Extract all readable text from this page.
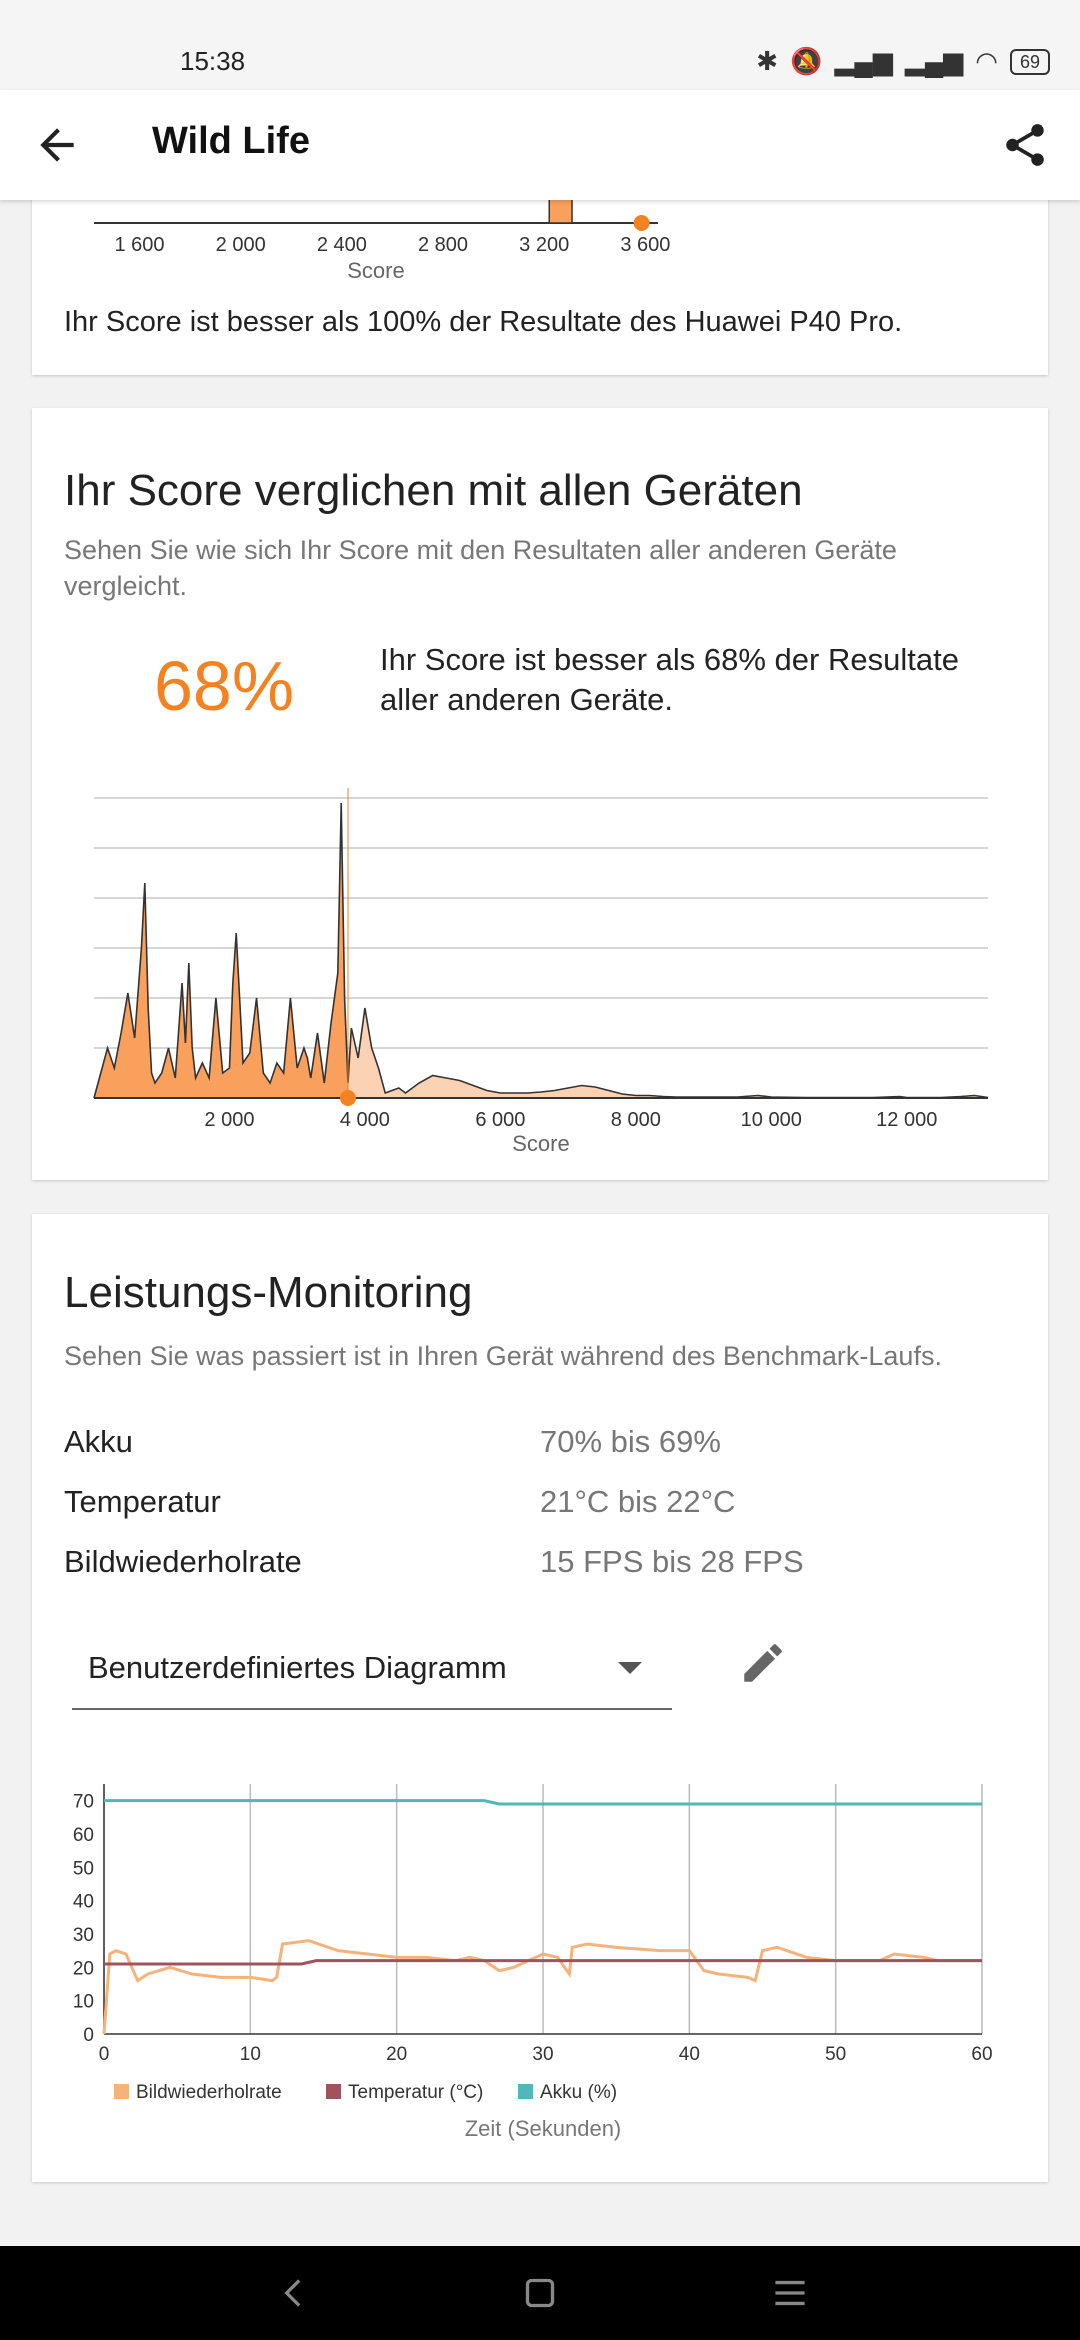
15:38	✱ 🔕 ▂▄▆ ▂▄▆ ◠	69
1 600	2 000	2 400	2 800	3 200	3 600
Score
Ihr Score ist besser als 100% der Resultate des Huawei P40 Pro.
Wild Life
Ihr Score verglichen mit allen Geräten
Sehen Sie wie sich Ihr Score mit den Resultaten aller anderen Geräte vergleicht.
68%	Ihr Score ist besser als 68% der Resultate aller anderen Geräte.
2 000	4 000	6 000	8 000	10 000	12 000
Score
Leistungs-Monitoring
Sehen Sie was passiert ist in Ihren Gerät während des Benchmark-Laufs.
Akku	70% bis 69%
Temperatur	21°C bis 22°C
Bildwiederholrate	15 FPS bis 28 FPS
Benutzerdefiniertes Diagramm
0	10	20	30	40	50	60
0
10
20
30
40
50
60
70
Bildwiederholrate	Temperatur (°C)	Akku (%)
Zeit (Sekunden)
